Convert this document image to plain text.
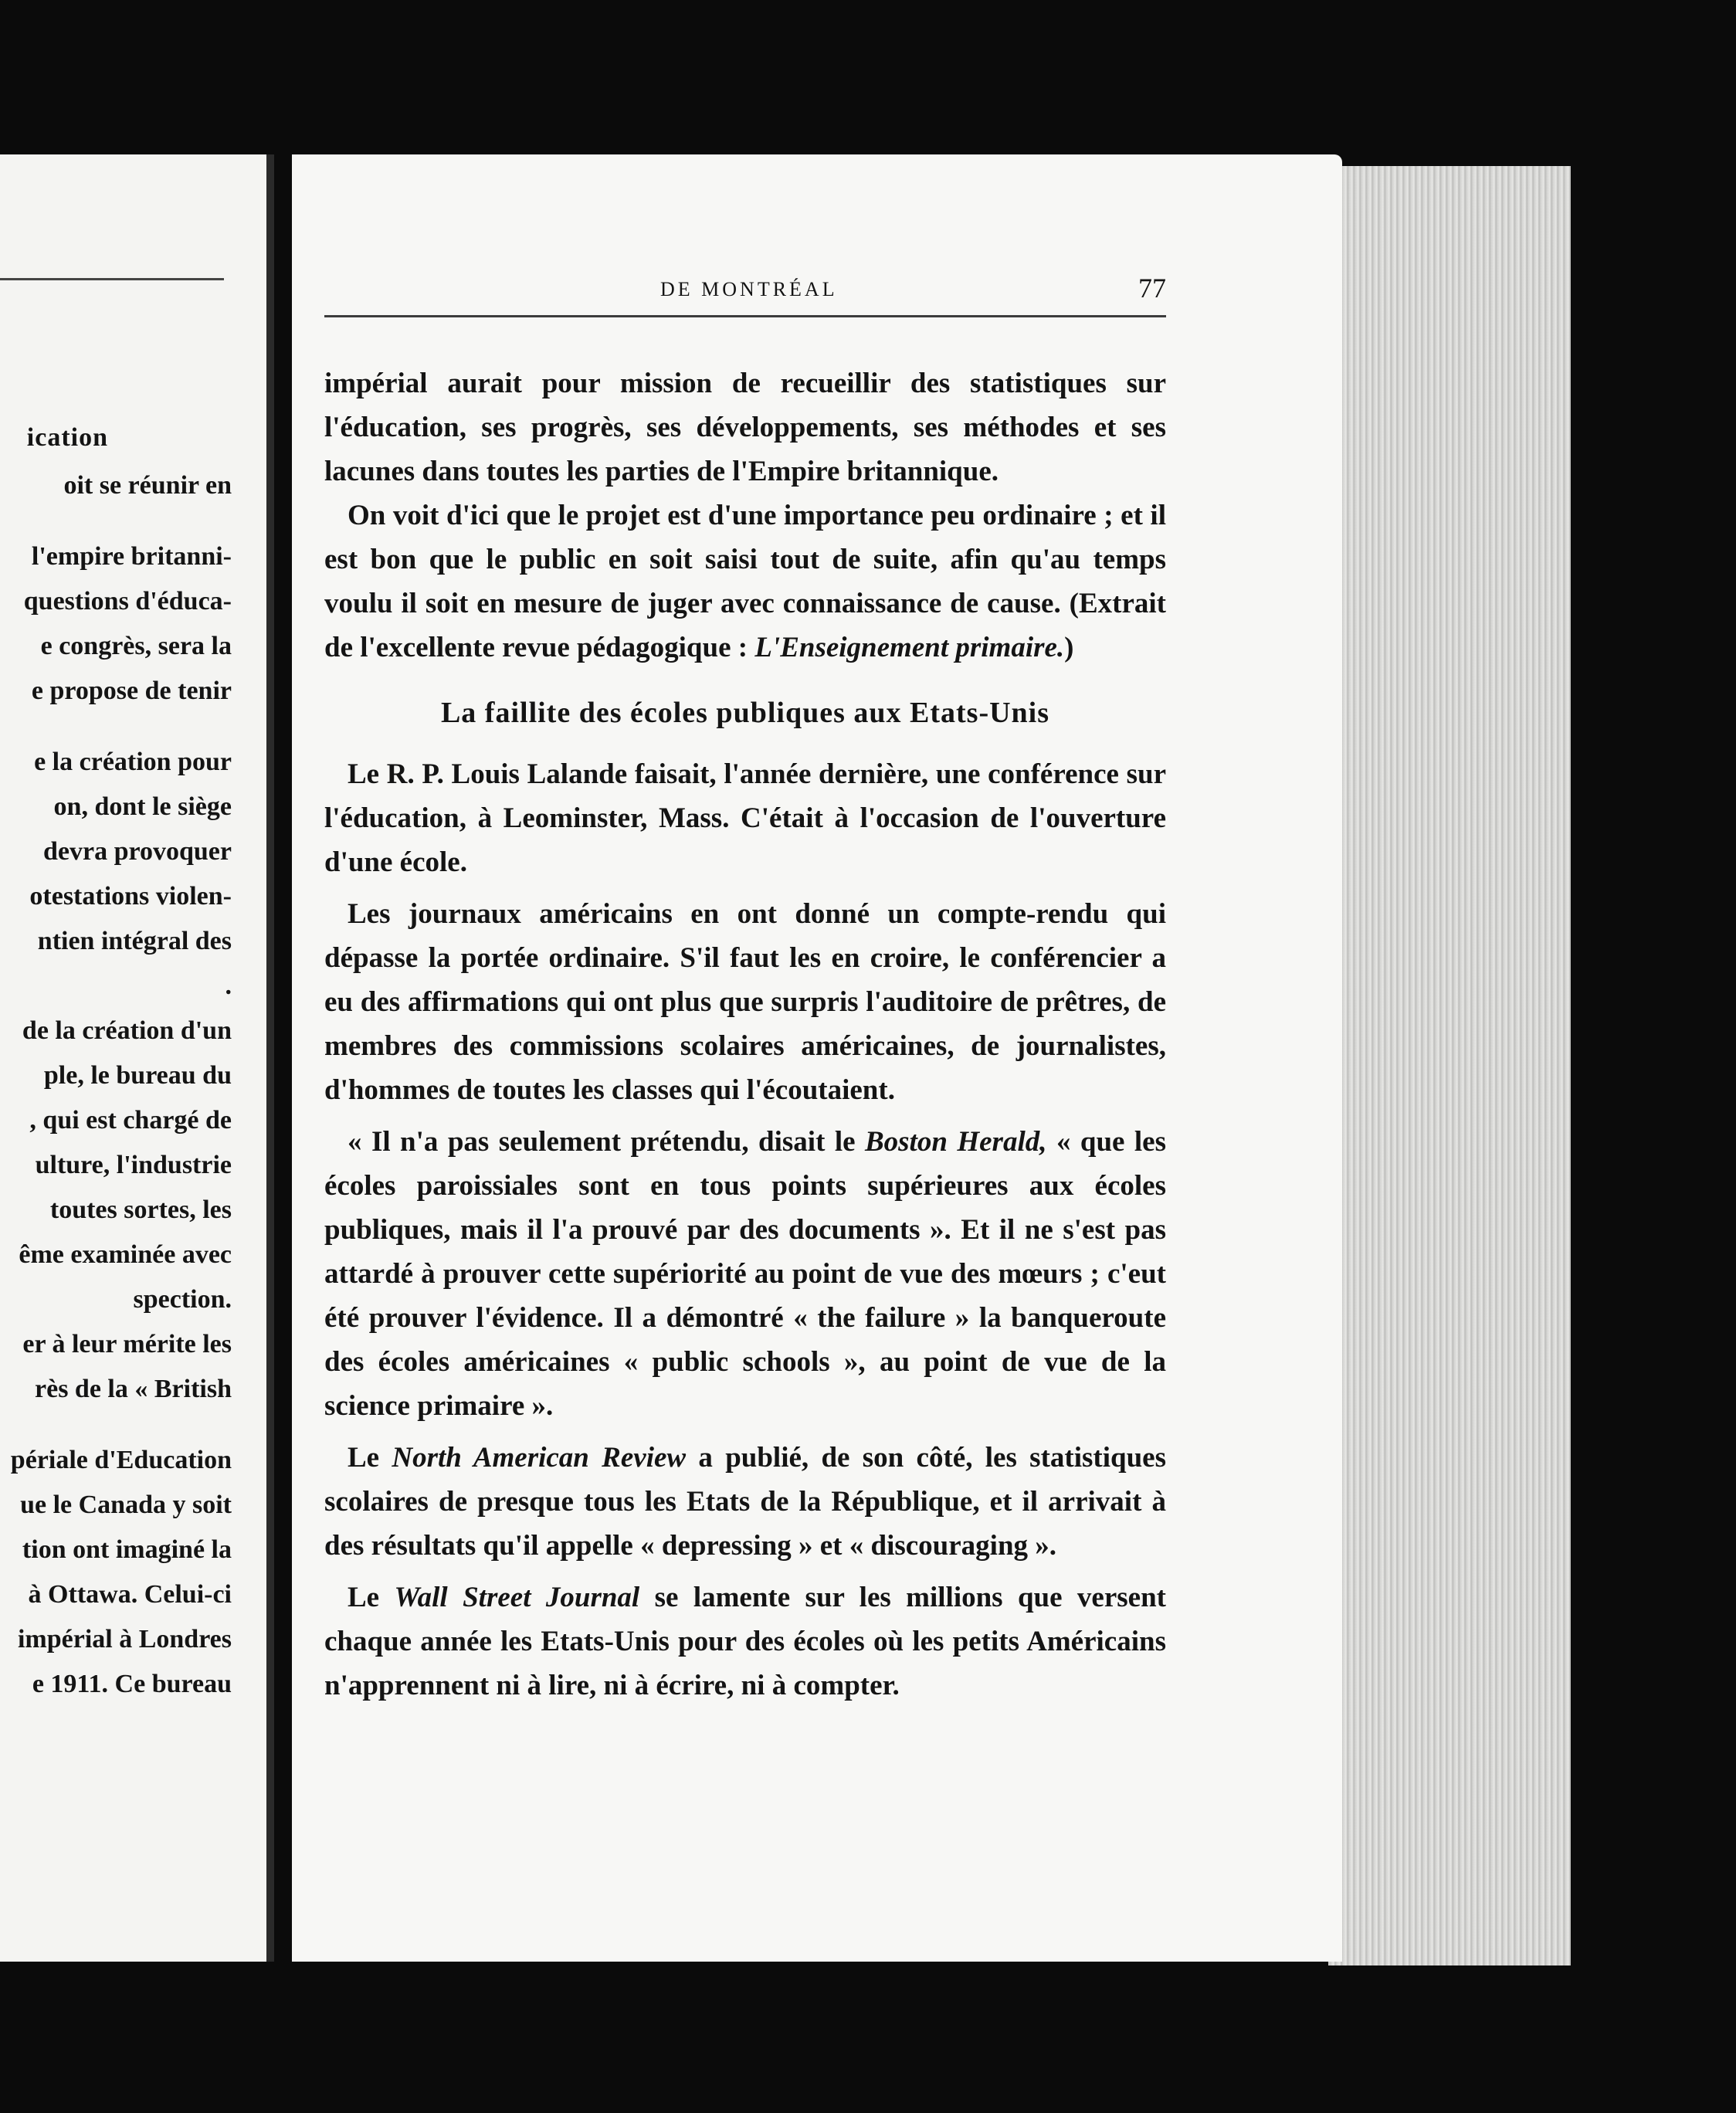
ication
oit se réunir en
l'empire britanni-
questions d'éduca-
e congrès, sera la
e propose de tenir
e la création pour
on, dont le siège
devra provoquer
otestations violen-
ntien intégral des
.
de la création d'un
ple, le bureau du
, qui est chargé de
ulture, l'industrie
toutes sortes, les
ême examinée avec
spection.
er à leur mérite les
rès de la « British
périale d'Education
ue le Canada y soit
tion ont imaginé la
à Ottawa. Celui-ci
impérial à Londres
e 1911. Ce bureau
DE MONTRÉAL	77

impérial aurait pour mission de recueillir des statistiques sur l'éducation, ses progrès, ses développements, ses méthodes et ses lacunes dans toutes les parties de l'Empire britannique.

On voit d'ici que le projet est d'une importance peu ordinaire ; et il est bon que le public en soit saisi tout de suite, afin qu'au temps voulu il soit en mesure de juger avec connaissance de cause. (Extrait de l'excellente revue pédagogique : L'Enseignement primaire.)

La faillite des écoles publiques aux Etats-Unis

Le R. P. Louis Lalande faisait, l'année dernière, une conférence sur l'éducation, à Leominster, Mass. C'était à l'occasion de l'ouverture d'une école.

Les journaux américains en ont donné un compte-rendu qui dépasse la portée ordinaire. S'il faut les en croire, le conférencier a eu des affirmations qui ont plus que surpris l'auditoire de prêtres, de membres des commissions scolaires américaines, de journalistes, d'hommes de toutes les classes qui l'écoutaient.

« Il n'a pas seulement prétendu, disait le Boston Herald, « que les écoles paroissiales sont en tous points supérieures aux écoles publiques, mais il l'a prouvé par des documents ». Et il ne s'est pas attardé à prouver cette supériorité au point de vue des mœurs ; c'eut été prouver l'évidence. Il a démontré « the failure » la banqueroute des écoles américaines « public schools », au point de vue de la science primaire ».

Le North American Review a publié, de son côté, les statistiques scolaires de presque tous les Etats de la République, et il arrivait à des résultats qu'il appelle « depressing » et « discouraging ».

Le Wall Street Journal se lamente sur les millions que versent chaque année les Etats-Unis pour des écoles où les petits Américains n'apprennent ni à lire, ni à écrire, ni à compter.
